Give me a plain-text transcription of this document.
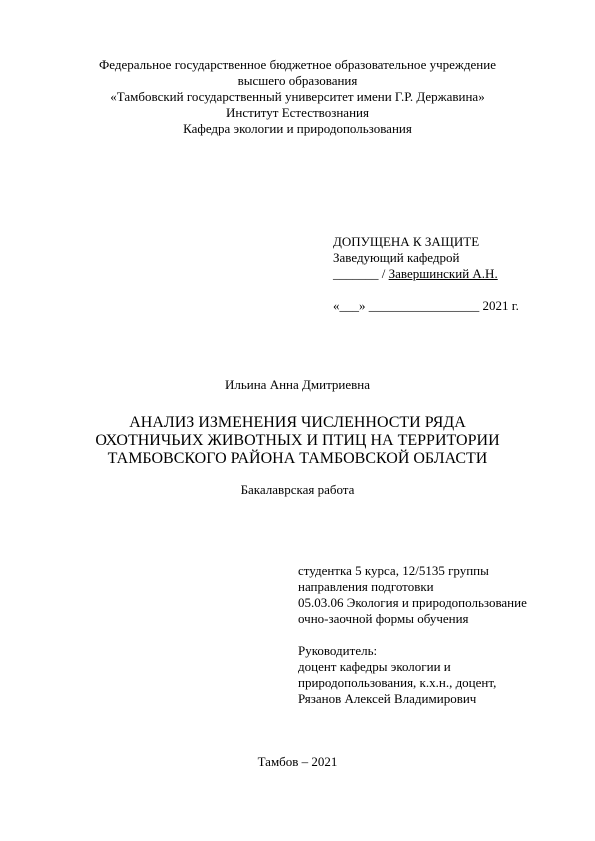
Федеральное государственное бюджетное образовательное учреждение
высшего образования
«Тамбовский государственный университет имени Г.Р. Державина»
Институт Естествознания
Кафедра экологии и природопользования
ДОПУЩЕНА К ЗАЩИТЕ
Заведующий кафедрой
_______ / Завершинский А.Н.
«___» _________________ 2021 г.
Ильина Анна Дмитриевна
АНАЛИЗ ИЗМЕНЕНИЯ ЧИСЛЕННОСТИ РЯДА
ОХОТНИЧЬИХ ЖИВОТНЫХ И ПТИЦ НА ТЕРРИТОРИИ
ТАМБОВСКОГО РАЙОНА ТАМБОВСКОЙ ОБЛАСТИ
Бакалаврская работа
студентка 5 курса, 12/5135 группы
направления подготовки
05.03.06 Экология и природопользование
очно-заочной формы обучения
Руководитель:
доцент кафедры экологии и
природопользования, к.х.н., доцент,
Рязанов Алексей Владимирович
Тамбов – 2021
